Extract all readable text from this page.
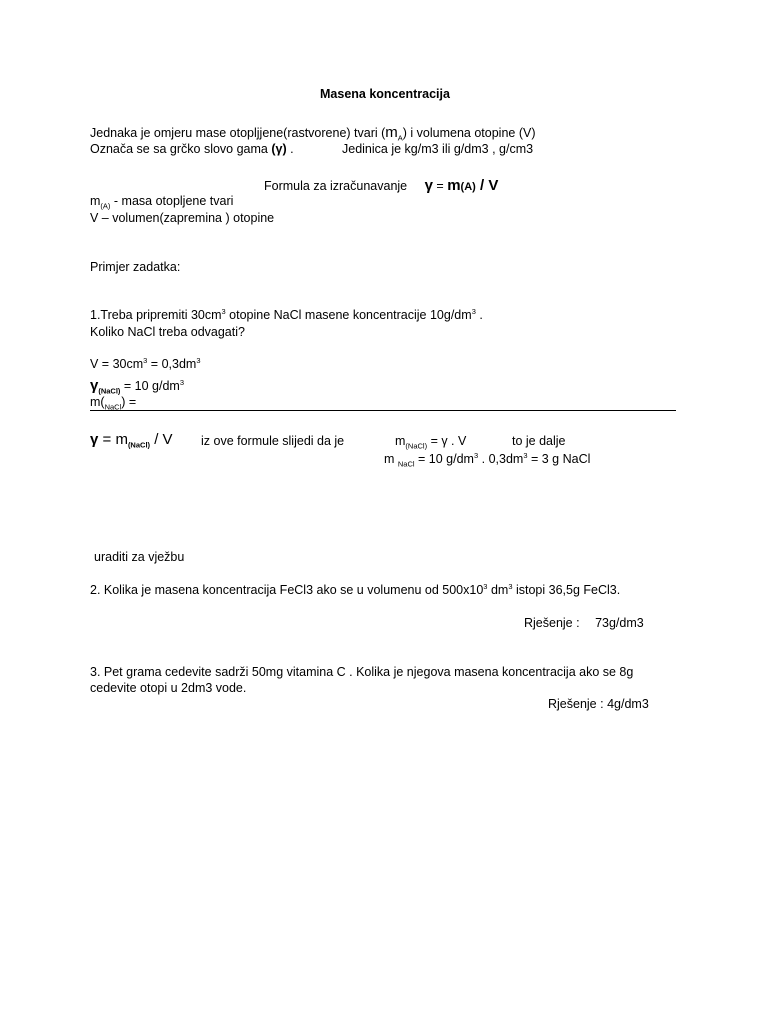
Masena koncentracija
Jednaka je omjeru mase otopljjene(rastvorene) tvari $(m_A)$ i volumena otopine (V)
Označa se sa grčko slovo gama (γ) .	Jedinica je kg/m3 ili g/dm3 , g/cm3
Formula za izračunavanje γ = m(A) / V
$m_{(A)}$ - masa otopljene tvari
V – volumen(zapremina ) otopine
Primjer zadatka:
1.Treba pripremiti $30cm^3$ otopine NaCl masene koncentracije $10g/dm^3$ .
Koliko NaCl treba odvagati?
$V = 30cm^3 = 0,3dm^3$
$\gamma_{(NaCl)} = 10$ $g/dm^3$
$m(_{NaCl})$ =
$\gamma = m_{(NaCl)} / V$ iz ove formule slijedi da je	$m_{(NaCl)} = \gamma$ . V	to je dalje
m $_{NaCl}$ = 10 $g/dm^3$ . $0,3dm^3 = 3$ g NaCl
uraditi za vježbu
2. Kolika je masena koncentracija FeCl3 ako se u volumenu od $500x10^3$ $dm^3$ istopi 36,5g FeCl3.
Rješenje : 73g/dm3
3. Pet grama cedevite sadrži 50mg vitamina C . Kolika je njegova masena koncentracija ako se 8g
cedevite otopi u 2dm3 vode.
Rješenje : 4g/dm3
